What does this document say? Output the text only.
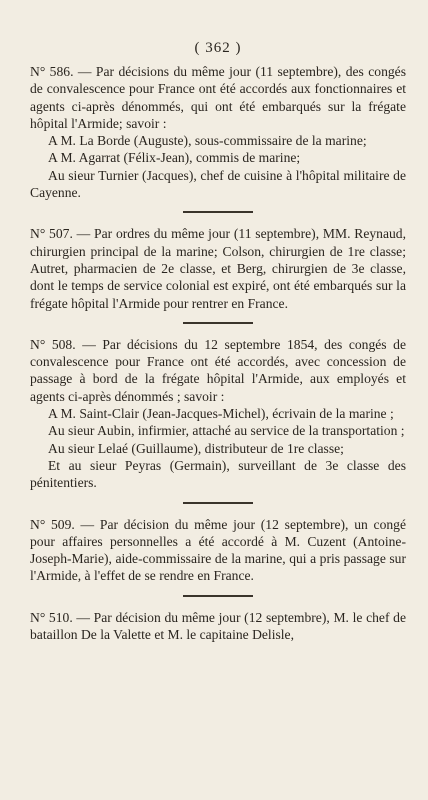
( 362 )

N° 586. — Par décisions du même jour (11 septembre), des congés de convalescence pour France ont été accordés aux fonctionnaires et agents ci-après dénommés, qui ont été embarqués sur la frégate hôpital l'Armide; savoir :

A M. La Borde (Auguste), sous-commissaire de la marine;

A M. Agarrat (Félix-Jean), commis de marine;

Au sieur Turnier (Jacques), chef de cuisine à l'hôpital militaire de Cayenne.

N° 507. — Par ordres du même jour (11 septembre), MM. Reynaud, chirurgien principal de la marine; Colson, chirurgien de 1re classe; Autret, pharmacien de 2e classe, et Berg, chirurgien de 3e classe, dont le temps de service colonial est expiré, ont été embarqués sur la frégate hôpital l'Armide pour rentrer en France.

N° 508. — Par décisions du 12 septembre 1854, des congés de convalescence pour France ont été accordés, avec concession de passage à bord de la frégate hôpital l'Armide, aux employés et agents ci-après dénommés ; savoir :

A M. Saint-Clair (Jean-Jacques-Michel), écrivain de la marine ;

Au sieur Aubin, infirmier, attaché au service de la transportation ;

Au sieur Lelaé (Guillaume), distributeur de 1re classe;

Et au sieur Peyras (Germain), surveillant de 3e classe des pénitentiers.

N° 509. — Par décision du même jour (12 septembre), un congé pour affaires personnelles a été accordé à M. Cuzent (Antoine-Joseph-Marie), aide-commissaire de la marine, qui a pris passage sur l'Armide, à l'effet de se rendre en France.

N° 510. — Par décision du même jour (12 septembre), M. le chef de bataillon De la Valette et M. le capitaine Delisle,
